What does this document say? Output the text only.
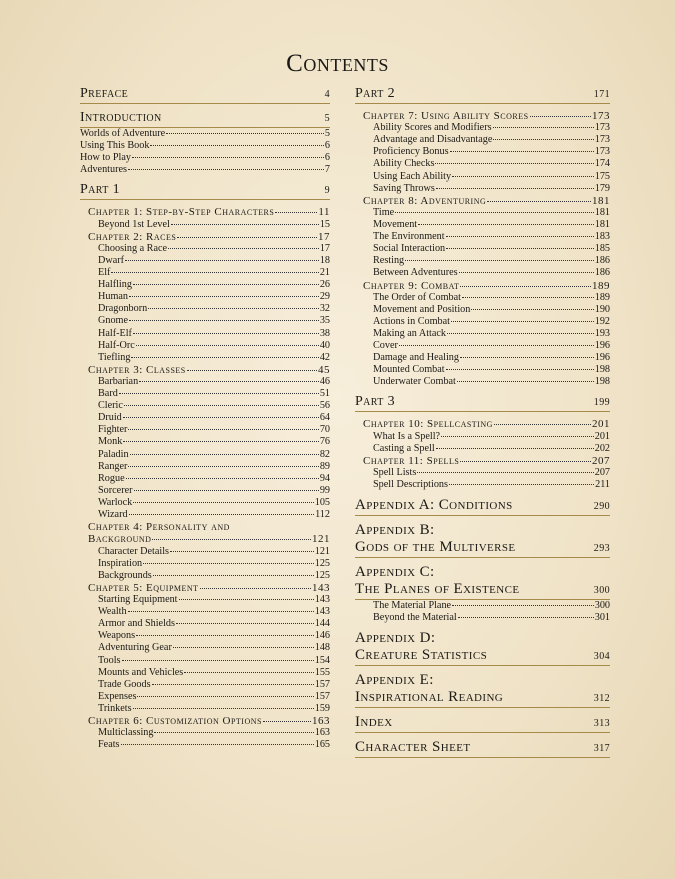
Contents
Preface	4
Introduction	5
Worlds of Adventure	5
Using This Book	6
How to Play	6
Adventures	7
Part 1	9
Chapter 1: Step-by-Step Characters	11
Beyond 1st Level	15
Chapter 2: Races	17
Choosing a Race	17
Dwarf	18
Elf	21
Halfling	26
Human	29
Dragonborn	32
Gnome	35
Half-Elf	38
Half-Orc	40
Tiefling	42
Chapter 3: Classes	45
Barbarian	46
Bard	51
Cleric	56
Druid	64
Fighter	70
Monk	76
Paladin	82
Ranger	89
Rogue	94
Sorcerer	99
Warlock	105
Wizard	112
Chapter 4: Personality and
Background	121
Character Details	121
Inspiration	125
Backgrounds	125
Chapter 5: Equipment	143
Starting Equipment	143
Wealth	143
Armor and Shields	144
Weapons	146
Adventuring Gear	148
Tools	154
Mounts and Vehicles	155
Trade Goods	157
Expenses	157
Trinkets	159
Chapter 6: Customization Options	163
Multiclassing	163
Feats	165
Part 2	171
Chapter 7: Using Ability Scores	173
Ability Scores and Modifiers	173
Advantage and Disadvantage	173
Proficiency Bonus	173
Ability Checks	174
Using Each Ability	175
Saving Throws	179
Chapter 8: Adventuring	181
Time	181
Movement	181
The Environment	183
Social Interaction	185
Resting	186
Between Adventures	186
Chapter 9: Combat	189
The Order of Combat	189
Movement and Position	190
Actions in Combat	192
Making an Attack	193
Cover	196
Damage and Healing	196
Mounted Combat	198
Underwater Combat	198
Part 3	199
Chapter 10: Spellcasting	201
What Is a Spell?	201
Casting a Spell	202
Chapter 11: Spells	207
Spell Lists	207
Spell Descriptions	211
Appendix A: Conditions	290
Appendix B:
Gods of the Multiverse	293
Appendix C:
The Planes of Existence	300
The Material Plane	300
Beyond the Material	301
Appendix D:
Creature Statistics	304
Appendix E:
Inspirational Reading	312
Index	313
Character Sheet	317
